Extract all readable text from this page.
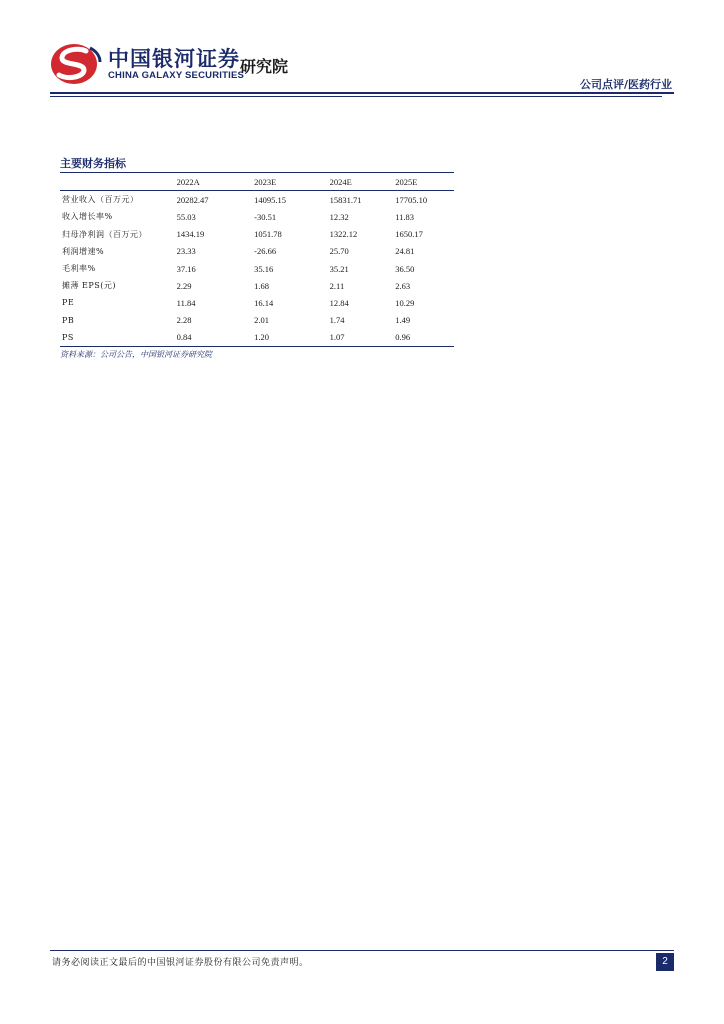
中国银河证券
CHINA GALAXY SECURITIES
研究院
公司点评/医药行业
主要财务指标
	2022A	2023E	2024E	2025E
营业收入（百万元）	20282.47	14095.15	15831.71	17705.10
收入增长率%	55.03	-30.51	12.32	11.83
归母净利润（百万元）	1434.19	1051.78	1322.12	1650.17
利润增速%	23.33	-26.66	25.70	24.81
毛利率%	37.16	35.16	35.21	36.50
摊薄 EPS(元)	2.29	1.68	2.11	2.63
PE	11.84	16.14	12.84	10.29
PB	2.28	2.01	1.74	1.49
PS	0.84	1.20	1.07	0.96
资料来源：公司公告，中国银河证券研究院
请务必阅读正文最后的中国银河证券股份有限公司免责声明。	2
